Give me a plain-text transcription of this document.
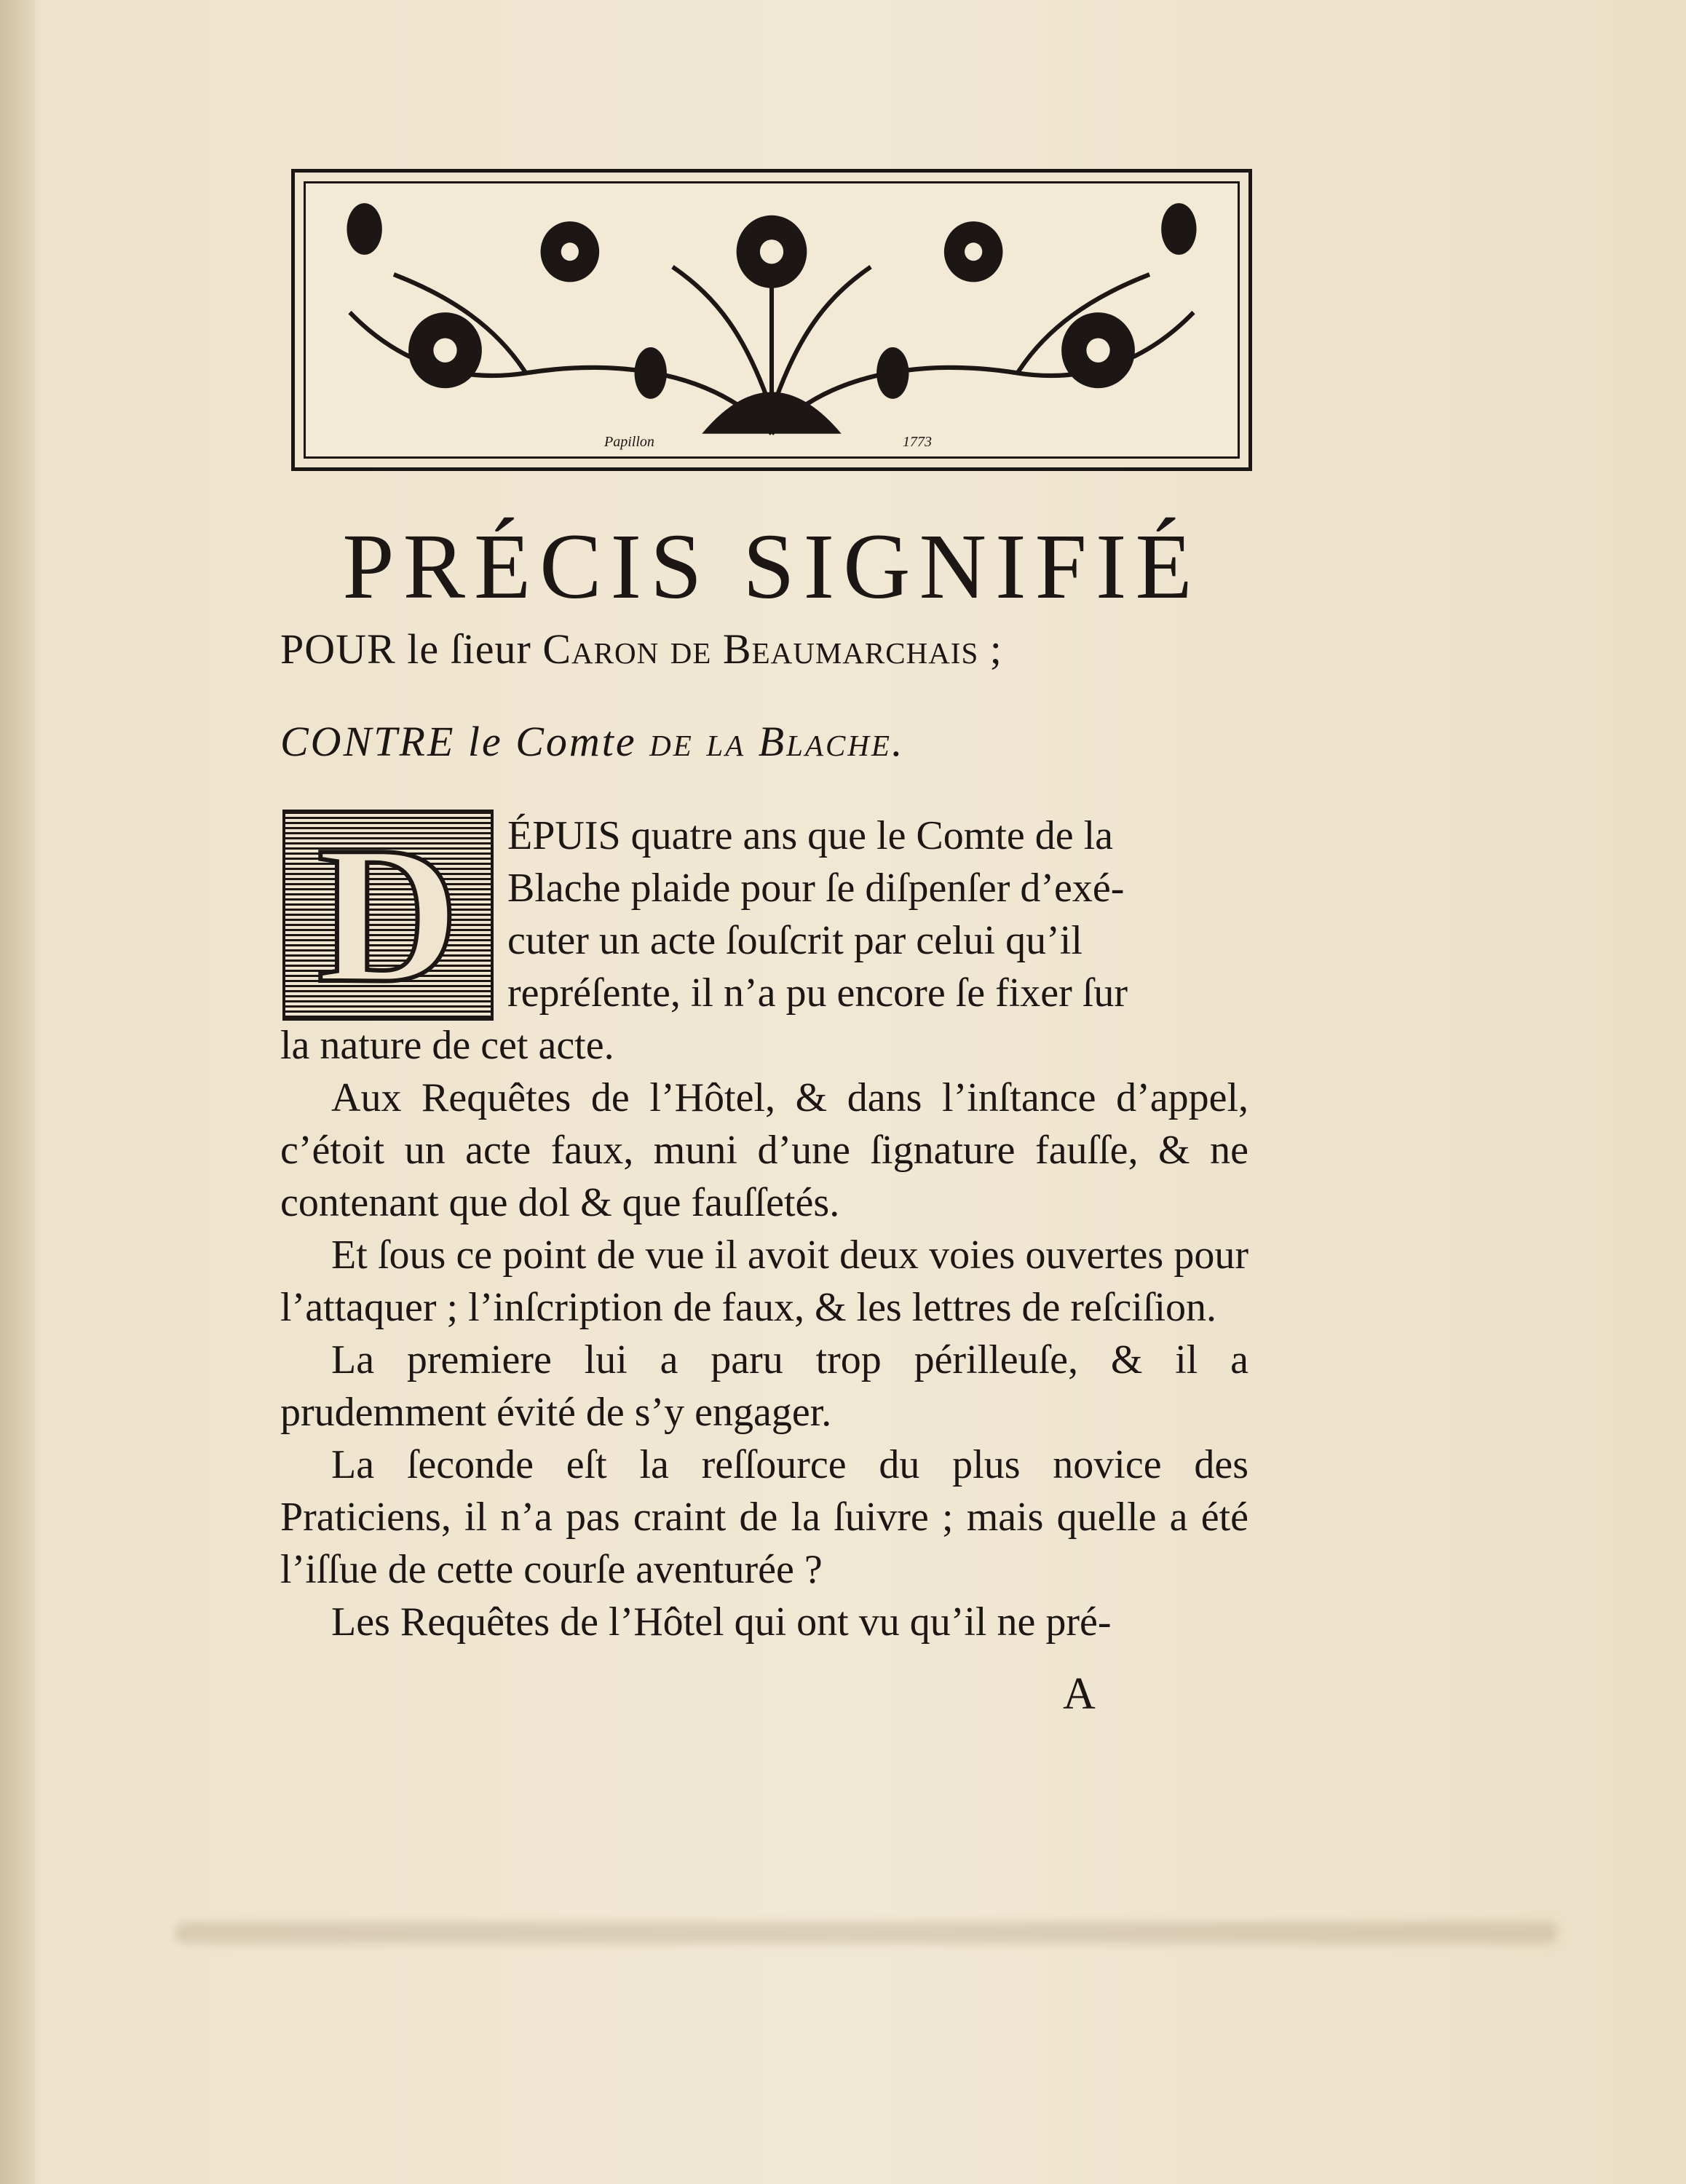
Papillon	1773
PRÉCIS SIGNIFIÉ
POUR le ſieur Caron de Beaumarchais ;
CONTRE le Comte de la Blache.
D	ÉPUIS quatre ans que le Comte de la
Blache plaide pour ſe diſpenſer d’exé-
cuter un acte ſouſcrit par celui qu’il
repréſente, il n’a pu encore ſe fixer ſur
la nature de cet acte.
Aux Requêtes de l’Hôtel, & dans l’inſtance d’appel, c’étoit un acte faux, muni d’une ſignature fauſſe, & ne contenant que dol & que fauſſetés.
Et ſous ce point de vue il avoit deux voies ouvertes pour l’attaquer ; l’inſcription de faux, & les lettres de reſciſion.
La premiere lui a paru trop périlleuſe, & il a prudemment évité de s’y engager.
La ſeconde eſt la reſſource du plus novice des Praticiens, il n’a pas craint de la ſuivre ; mais quelle a été l’iſſue de cette courſe aventurée ?
Les Requêtes de l’Hôtel qui ont vu qu’il ne pré-
A
